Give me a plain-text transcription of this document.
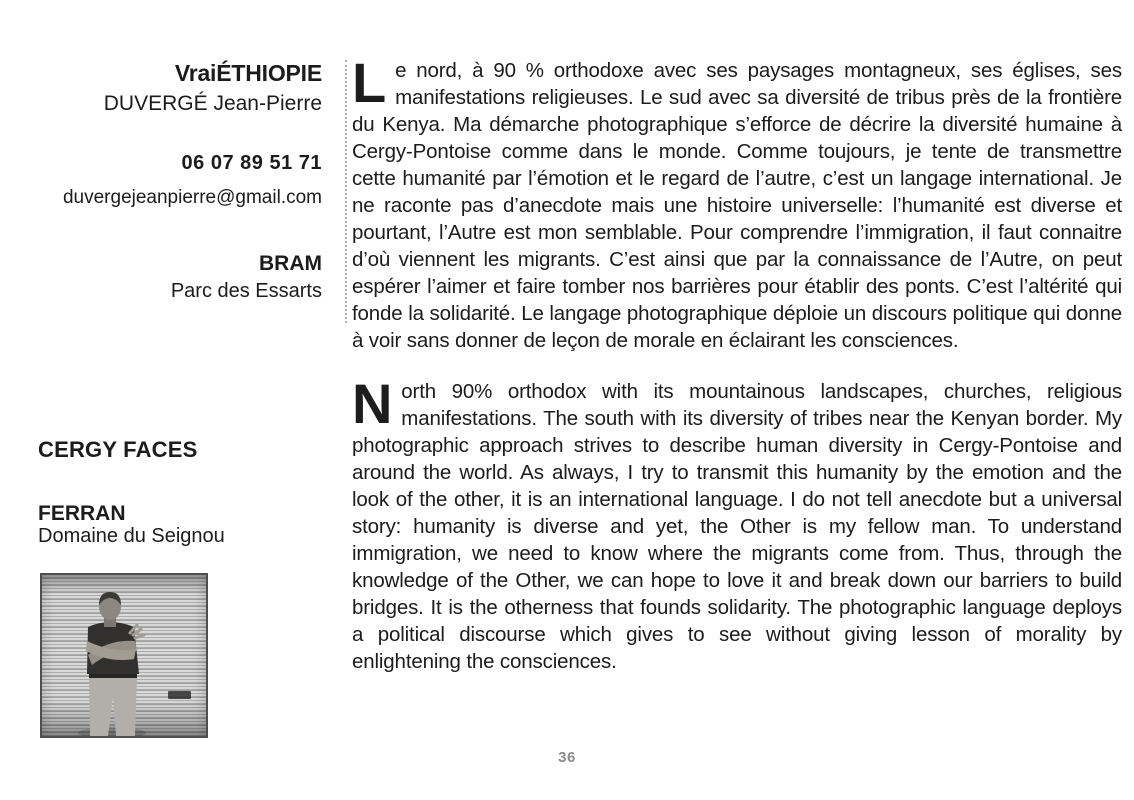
VraiÉTHIOPIE
DUVERGÉ Jean-Pierre
06 07 89 51 71
duvergejeanpierre@gmail.com
BRAM
Parc des Essarts
CERGY FACES
FERRAN
Domaine du Seignou

Le nord, à 90 % orthodoxe avec ses paysages montagneux, ses églises, ses manifestations religieuses. Le sud avec sa diversité de tribus près de la frontière du Kenya. Ma démarche photographique s’efforce de décrire la diversité humaine à Cergy-Pontoise comme dans le monde. Comme toujours, je tente de transmettre cette humanité par l’émotion et le regard de l’autre, c’est un langage international. Je ne raconte pas d’anecdote mais une histoire universelle: l’humanité est diverse et pourtant, l’Autre est mon semblable. Pour comprendre l’immigration, il faut connaitre d’où viennent les migrants. C’est ainsi que par la connaissance de l’Autre, on peut espérer l’aimer et faire tomber nos barrières pour établir des ponts. C’est l’altérité qui fonde la solidarité. Le langage photographique déploie un discours politique qui donne à voir sans donner de leçon de morale en éclairant les consciences.

North 90% orthodox with its mountainous landscapes, churches, religious manifestations. The south with its diversity of tribes near the Kenyan border. My photographic approach strives to describe human diversity in Cergy-Pontoise and around the world. As always, I try to transmit this humanity by the emotion and the look of the other, it is an international language. I do not tell anecdote but a universal story: humanity is diverse and yet, the Other is my fellow man. To understand immigration, we need to know where the migrants come from. Thus, through the knowledge of the Other, we can hope to love it and break down our barriers to build bridges. It is the otherness that founds solidarity. The photographic language deploys a political discourse which gives to see without giving lesson of morality by enlightening the consciences.

36
